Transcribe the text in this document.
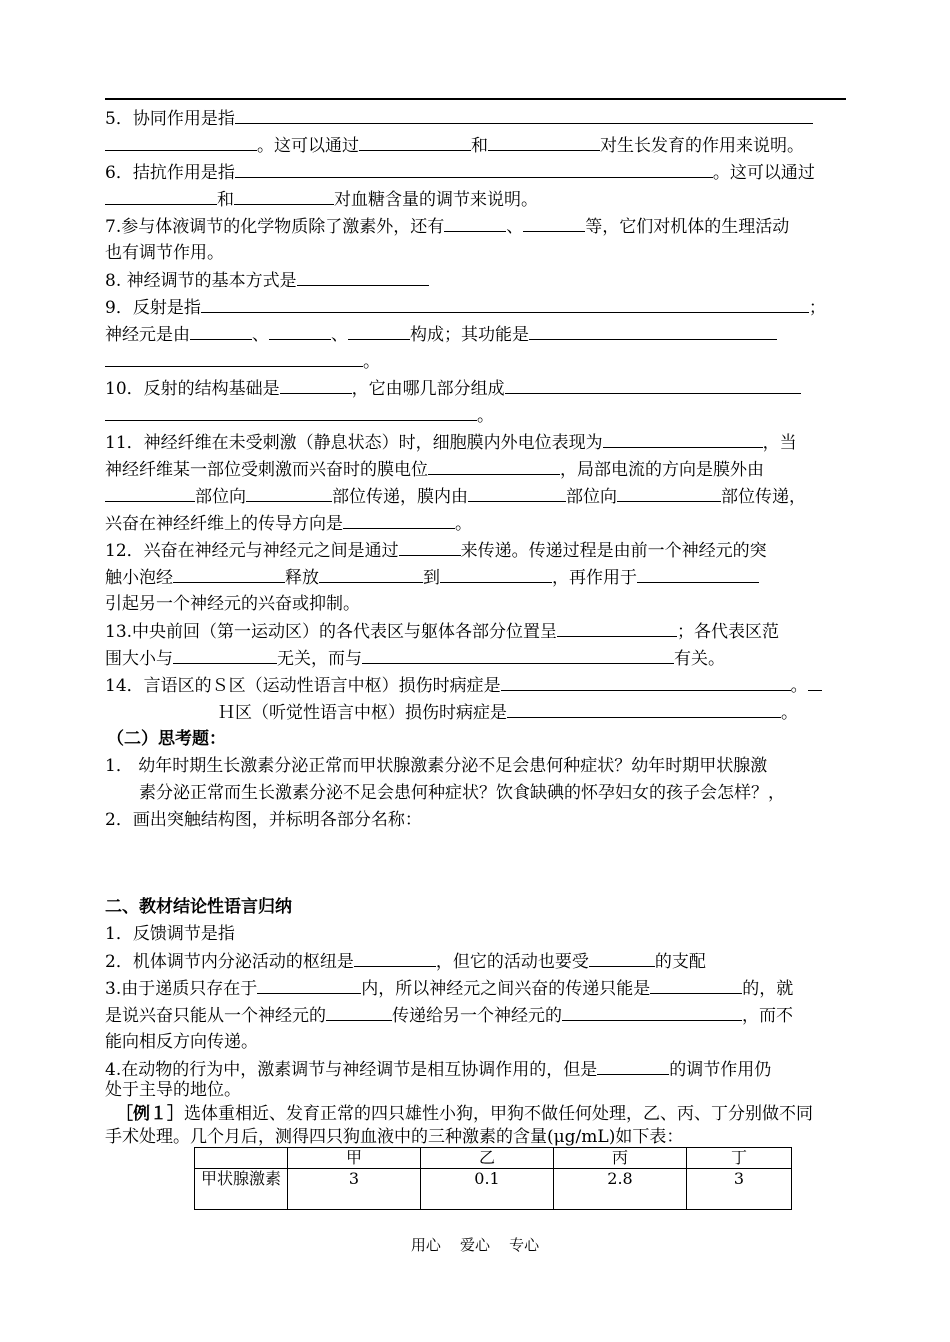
5．协同作用是指
。这可以通过	和	对生长发育的作用来说明。
6．拮抗作用是指	。这可以通过
和	对血糖含量的调节来说明。
7.参与体液调节的化学物质除了激素外，还有	、	等，它们对机体的生理活动
也有调节作用。
8. 神经调节的基本方式是
9．反射是指	；
神经元是由	、	、	构成；其功能是
。
10．反射的结构基础是	，它由哪几部分组成
。
11．神经纤维在未受刺激（静息状态）时，细胞膜内外电位表现为	，当
神经纤维某一部位受刺激而兴奋时的膜电位	，局部电流的方向是膜外由
部位向	部位传递，膜内由	部位向	部位传递，
兴奋在神经纤维上的传导方向是	。
12．兴奋在神经元与神经元之间是通过	来传递。传递过程是由前一个神经元的突
触小泡经	释放	到	，再作用于
引起另一个神经元的兴奋或抑制。
13.中央前回（第一运动区）的各代表区与躯体各部分位置呈	；各代表区范
围大小与	无关，而与	有关。
14．言语区的Ｓ区（运动性语言中枢）损伤时病症是	。
Ｈ区（听觉性语言中枢）损伤时病症是	。
（二）思考题：
1． 幼年时期生长激素分泌正常而甲状腺激素分泌不足会患何种症状？幼年时期甲状腺激
素分泌正常而生长激素分泌不足会患何种症状？饮食缺碘的怀孕妇女的孩子会怎样？，
2．画出突触结构图，并标明各部分名称：
二、教材结论性语言归纳
1．反馈调节是指
2．机体调节内分泌活动的枢纽是	，但它的活动也要受	的支配
3.由于递质只存在于	内，所以神经元之间兴奋的传递只能是	的，就
是说兴奋只能从一个神经元的	传递给另一个神经元的	，而不
能向相反方向传递。
4.在动物的行为中，激素调节与神经调节是相互协调作用的，但是	的调节作用仍
处于主导的地位。
［例１］选体重相近、发育正常的四只雄性小狗，甲狗不做任何处理，乙、丙、丁分别做不同
手术处理。几个月后，测得四只狗血液中的三种激素的含量(μg/mL)如下表：
	甲	乙	丙	丁
甲状腺激素	3	0.1	2.8	3
用心    爱心    专心
